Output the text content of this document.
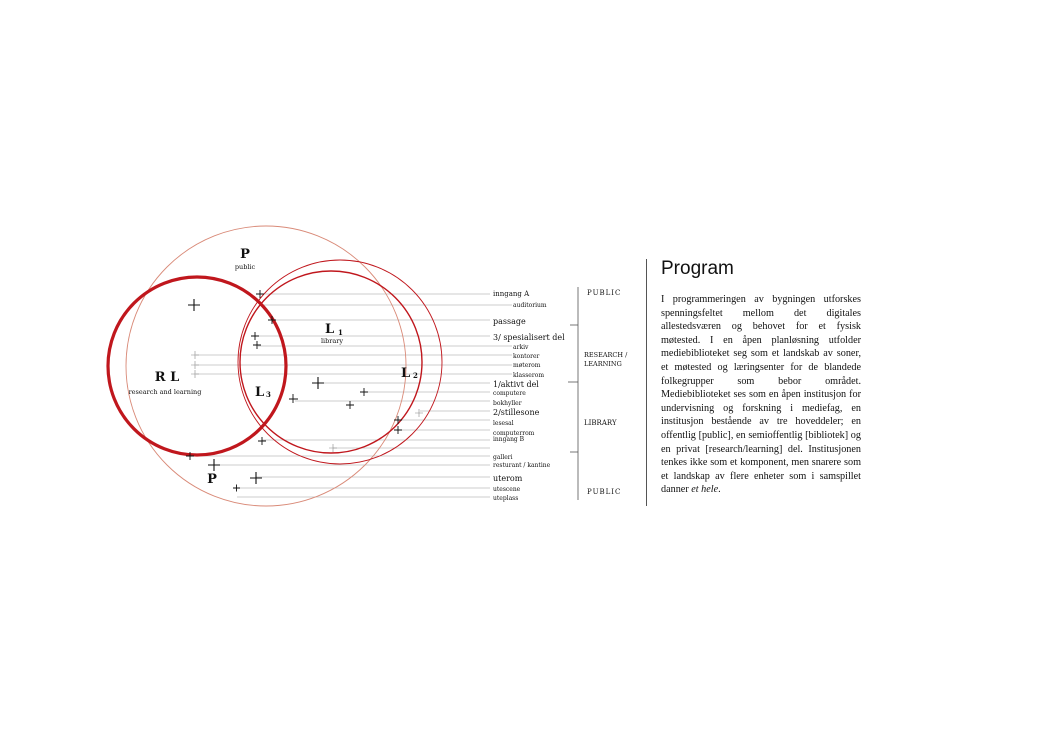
P
public
R L
research and learning
L 1
library
L 2
L 3
P
inngang A
auditorium
passage
3/ spesialisert del
arkiv
kontorer
møterom
klasserom
1/aktivt del
computere
bokhyller
2/stillesone
lesesal
computerrom
inngang B
galleri
resturant / kantine
uterom
utescene
uteplass
PUBLIC
RESEARCH /
LEARNING
LIBRARY
PUBLIC
Program

I programmeringen av bygningen utforskes spenningsfeltet mellom det digitales allestedsværen og behovet for et fysisk møtested. I en åpen planløsning utfolder mediebiblioteket seg som et landskab av soner, et møtested og læringsenter for de blandede folkegrupper som bebor området. Mediebiblioteket ses som en åpen institusjon for undervisning og forskning i mediefag, en institusjon bestående av tre hoveddeler; en offentlig [public], en semioffentlig [bibliotek] og en privat [research/learning] del. Institusjonen tenkes ikke som et komponent, men snarere som et landskap av flere enheter som i samspillet danner et hele.
